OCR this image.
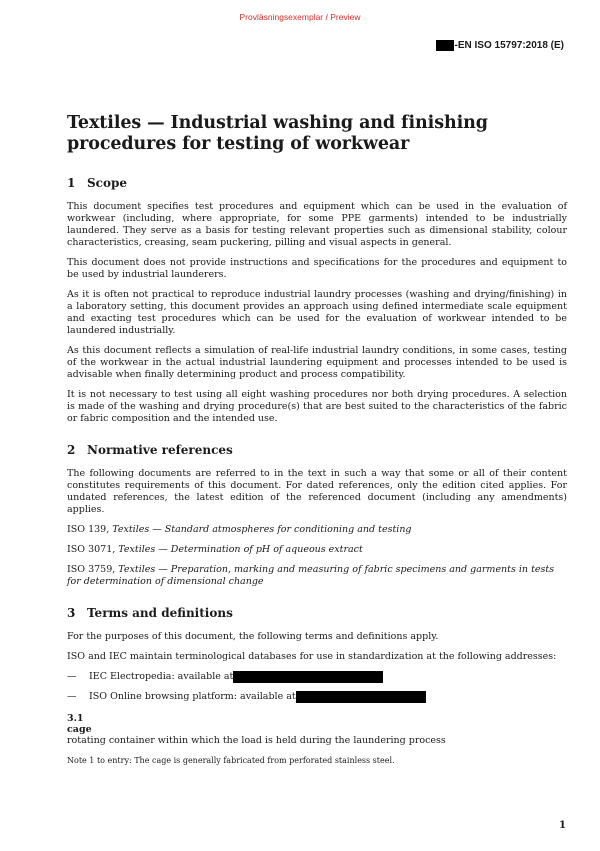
Provläsningsexemplar / Preview
-EN ISO 15797:2018 (E)
Textiles — Industrial washing and finishing procedures for testing of workwear
1 Scope

This document specifies test procedures and equipment which can be used in the evaluation of workwear (including, where appropriate, for some PPE garments) intended to be industrially laundered. They serve as a basis for testing relevant properties such as dimensional stability, colour characteristics, creasing, seam puckering, pilling and visual aspects in general.

This document does not provide instructions and specifications for the procedures and equipment to be used by industrial launderers.

As it is often not practical to reproduce industrial laundry processes (washing and drying/finishing) in a laboratory setting, this document provides an approach using defined intermediate scale equipment and exacting test procedures which can be used for the evaluation of workwear intended to be laundered industrially.

As this document reflects a simulation of real-life industrial laundry conditions, in some cases, testing of the workwear in the actual industrial laundering equipment and processes intended to be used is advisable when finally determining product and process compatibility.

It is not necessary to test using all eight washing procedures nor both drying procedures. A selection is made of the washing and drying procedure(s) that are best suited to the characteristics of the fabric or fabric composition and the intended use.

2 Normative references

The following documents are referred to in the text in such a way that some or all of their content constitutes requirements of this document. For dated references, only the edition cited applies. For undated references, the latest edition of the referenced document (including any amendments) applies.

ISO 139, Textiles — Standard atmospheres for conditioning and testing
ISO 3071, Textiles — Determination of pH of aqueous extract
ISO 3759, Textiles — Preparation, marking and measuring of fabric specimens and garments in tests for determination of dimensional change
3 Terms and definitions

For the purposes of this document, the following terms and definitions apply.

ISO and IEC maintain terminological databases for use in standardization at the following addresses:

—	IEC Electropedia: available at
—	ISO Online browsing platform: available at
3.1
cage

rotating container within which the load is held during the laundering process

Note 1 to entry: The cage is generally fabricated from perforated stainless steel.
1
